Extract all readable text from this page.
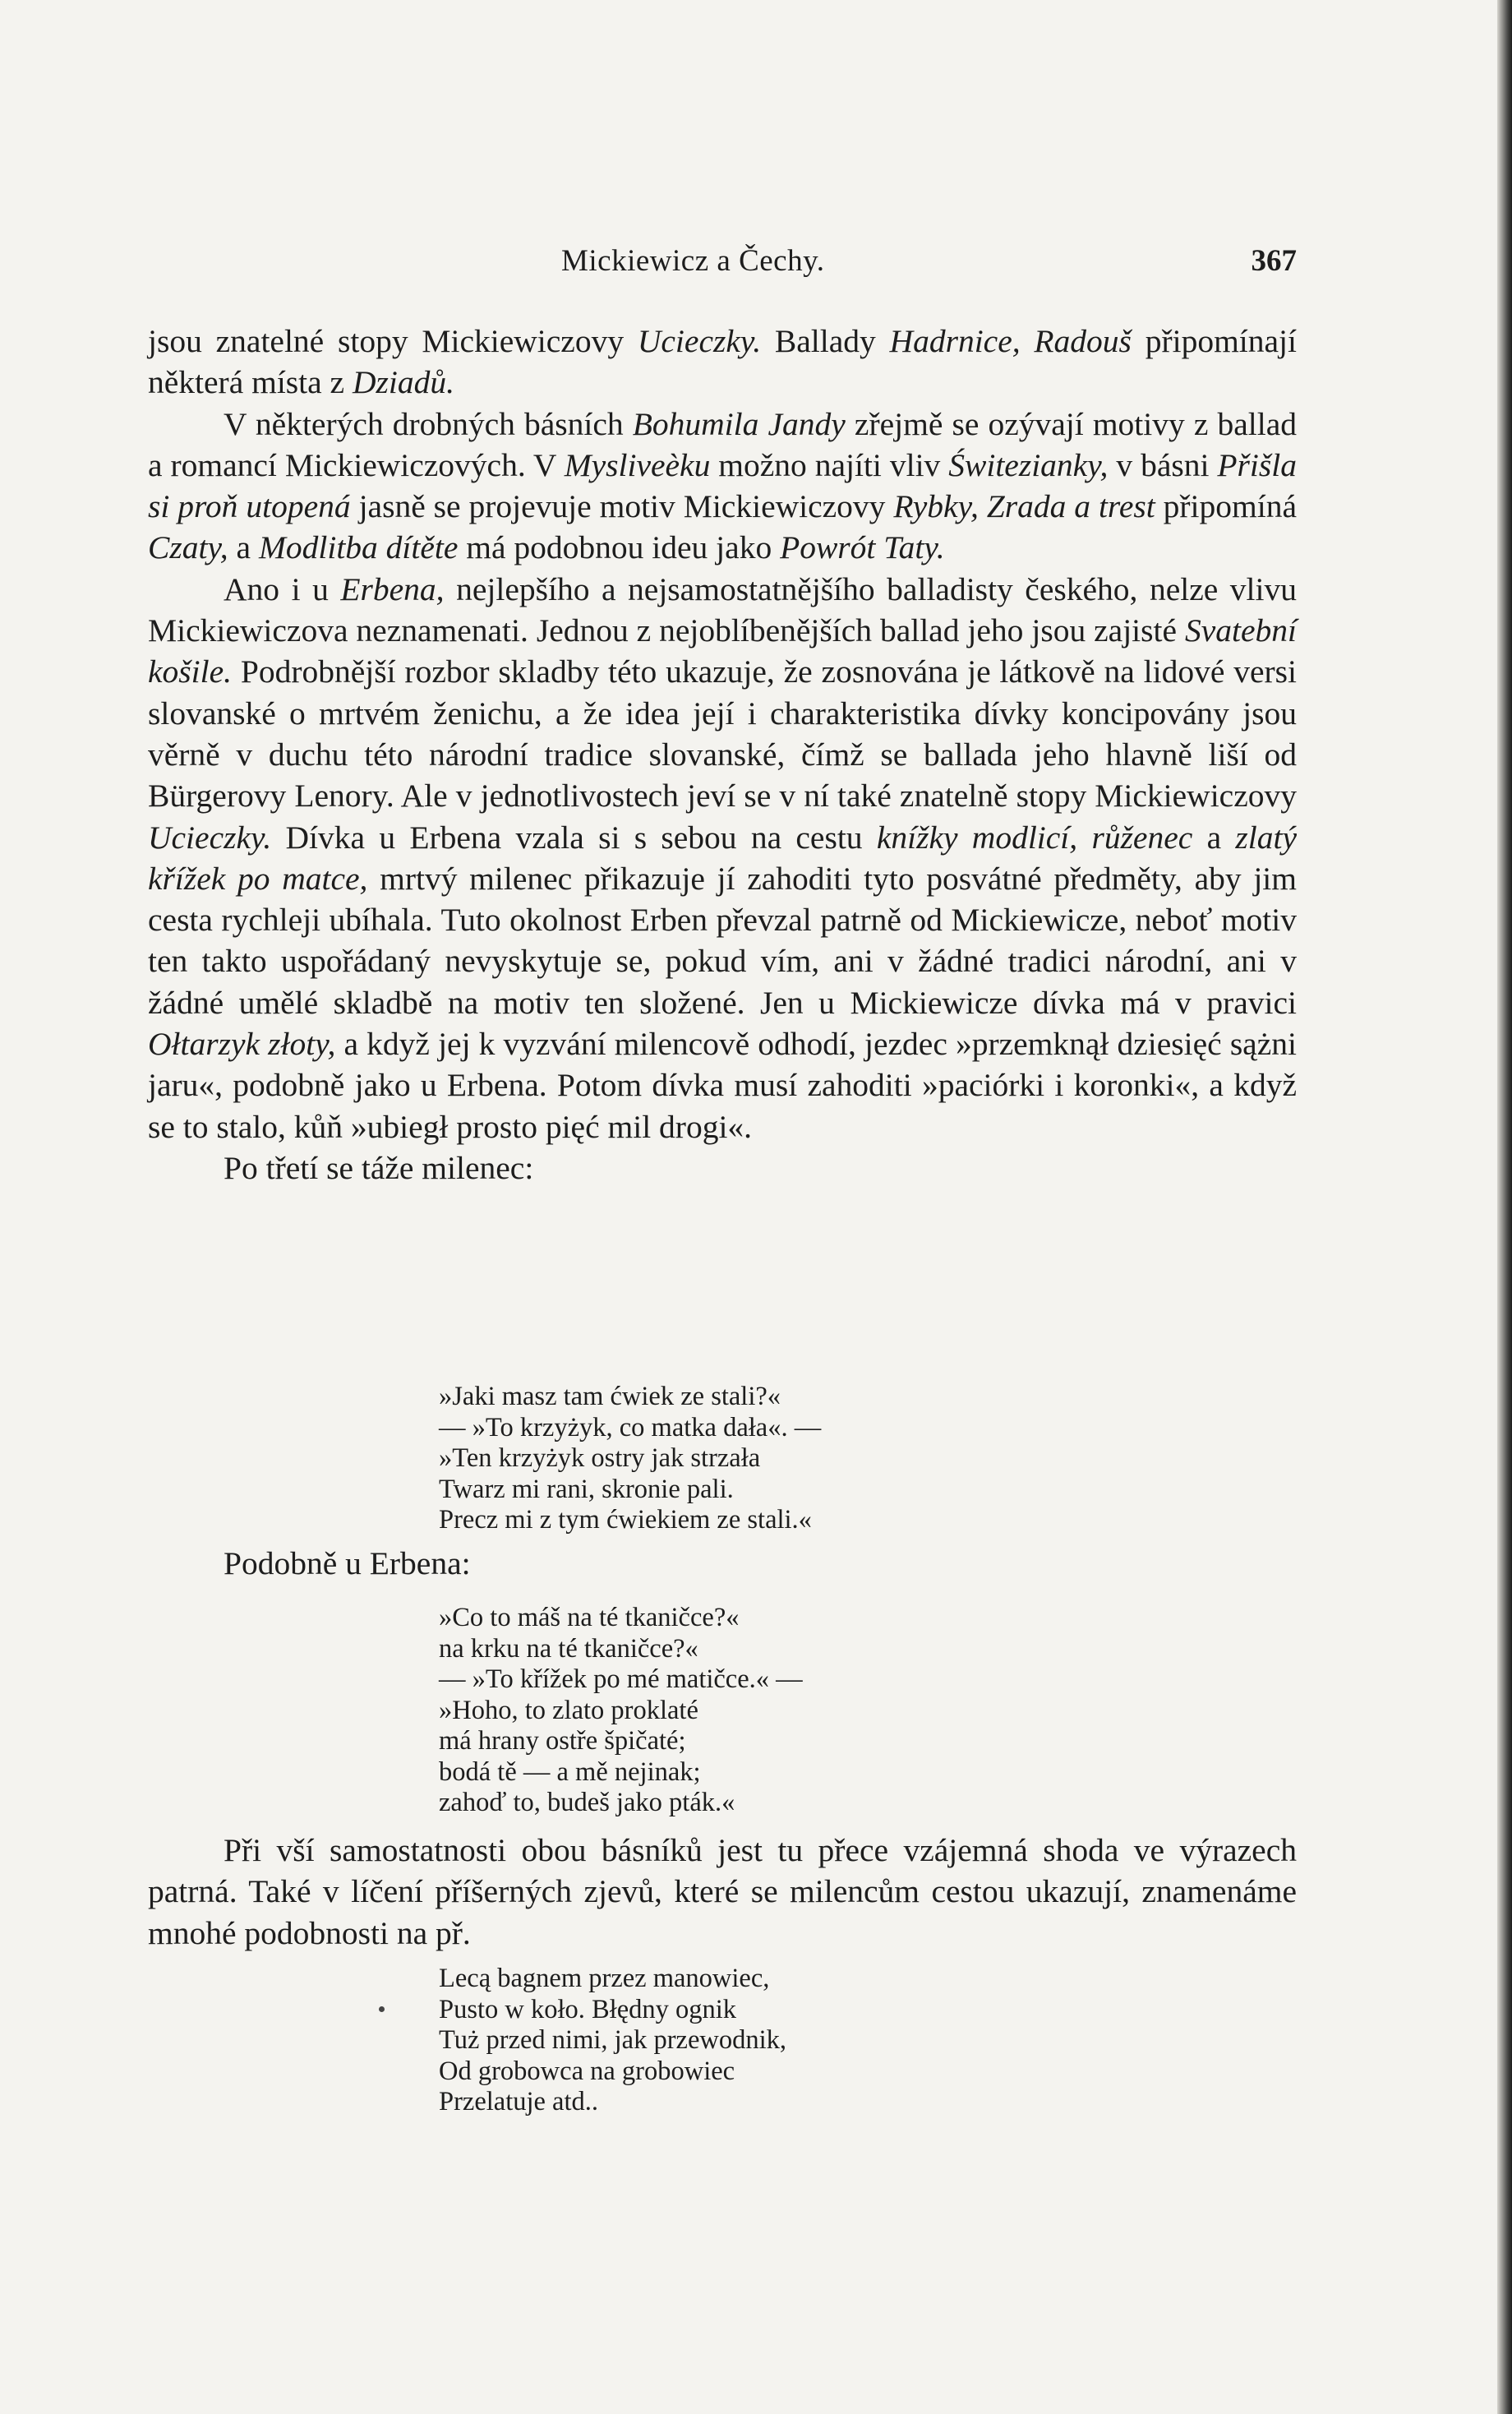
Mickiewicz a Čechy.	367

jsou znatelné stopy Mickiewiczovy Ucieczky. Ballady Hadrnice, Radouš připomínají některá místa z Dziadů.

V některých drobných básních Bohumila Jandy zřejmě se ozývají motivy z ballad a romancí Mickiewiczových. V Mysliveèku možno najíti vliv Świtezianky, v básni Přišla si proň utopená jasně se projevuje motiv Mickiewiczovy Rybky, Zrada a trest připomíná Czaty, a Modlitba dítěte má podobnou ideu jako Powrót Taty.

Ano i u Erbena, nejlepšího a nejsamostatnějšího balladisty českého, nelze vlivu Mickiewiczova neznamenati. Jednou z nejoblíbenějších ballad jeho jsou zajisté Svatební košile. Podrobnější rozbor skladby této ukazuje, že zosnována je látkově na lidové versi slovanské o mrtvém ženichu, a že idea její i charakteristika dívky koncipovány jsou věrně v duchu této národní tradice slovanské, čímž se ballada jeho hlavně liší od Bürgerovy Lenory. Ale v jednotlivostech jeví se v ní také znatelně stopy Mickiewiczovy Ucieczky. Dívka u Erbena vzala si s sebou na cestu knížky modlicí, růženec a zlatý křížek po matce, mrtvý milenec přikazuje jí zahoditi tyto posvátné předměty, aby jim cesta rychleji ubíhala. Tuto okolnost Erben převzal patrně od Mickiewicze, neboť motiv ten takto uspořádaný nevyskytuje se, pokud vím, ani v žádné tradici národní, ani v žádné umělé skladbě na motiv ten složené. Jen u Mickiewicze dívka má v pravici Ołtarzyk złoty, a když jej k vyzvání milencově odhodí, jezdec »przemknął dziesięć sążni jaru«, podobně jako u Erbena. Potom dívka musí zahoditi »paciórki i koronki«, a když se to stalo, kůň »ubiegł prosto pięć mil drogi«.
Po třetí se táže milenec:

»Jaki masz tam ćwiek ze stali?«
— »To krzyżyk, co matka dała«. —
»Ten krzyżyk ostry jak strzała
Twarz mi rani, skronie pali.
Precz mi z tym ćwiekiem ze stali.«

Podobně u Erbena:

»Co to máš na té tkaničce?«
na krku na té tkaničce?«
— »To křížek po mé matičce.« —
»Hoho, to zlato proklaté
má hrany ostře špičaté;
bodá tě — a mě nejinak;
zahoď to, budeš jako pták.«

Při vší samostatnosti obou básníků jest tu přece vzájemná shoda ve výrazech patrná. Také v líčení příšerných zjevů, které se milencům cestou ukazují, znamenáme mnohé podobnosti na př.

Lecą bagnem przez manowiec,
Pusto w koło. Błędny ognik
Tuż przed nimi, jak przewodnik,
Od grobowca na grobowiec
Przelatuje atd..
